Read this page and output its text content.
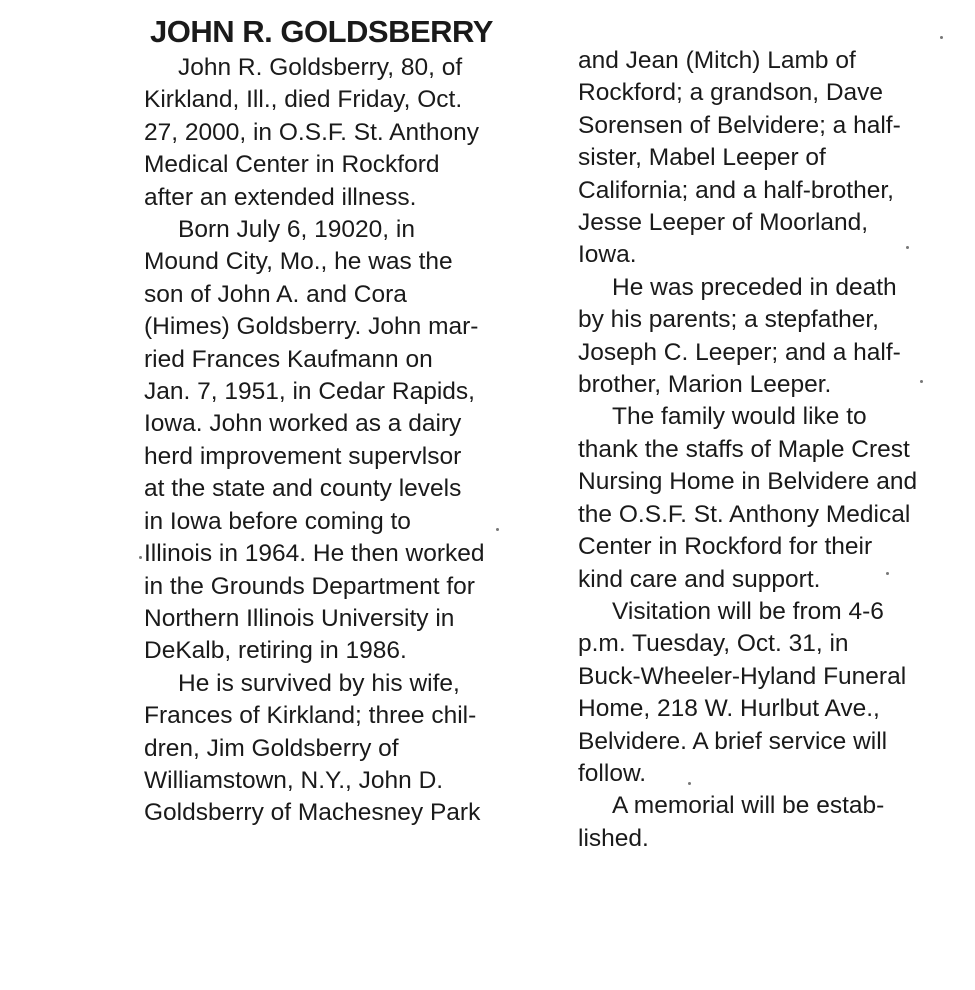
JOHN R. GOLDSBERRY
John R. Goldsberry, 80, of
Kirkland, Ill., died Friday, Oct.
27, 2000, in O.S.F. St. Anthony
Medical Center in Rockford
after an extended illness.
Born July 6, 19020, in
Mound City, Mo., he was the
son of John A. and Cora
(Himes) Goldsberry. John mar-
ried Frances Kaufmann on
Jan. 7, 1951, in Cedar Rapids,
Iowa. John worked as a dairy
herd improvement supervlsor
at the state and county levels
in Iowa before coming to
Illinois in 1964. He then worked
in the Grounds Department for
Northern Illinois University in
DeKalb, retiring in 1986.
He is survived by his wife,
Frances of Kirkland; three chil-
dren, Jim Goldsberry of
Williamstown, N.Y., John D.
Goldsberry of Machesney Park
and Jean (Mitch) Lamb of
Rockford; a grandson, Dave
Sorensen of Belvidere; a half-
sister, Mabel Leeper of
California; and a half-brother,
Jesse Leeper of Moorland,
Iowa.
He was preceded in death
by his parents; a stepfather,
Joseph C. Leeper; and a half-
brother, Marion Leeper.
The family would like to
thank the staffs of Maple Crest
Nursing Home in Belvidere and
the O.S.F. St. Anthony Medical
Center in Rockford for their
kind care and support.
Visitation will be from 4-6
p.m. Tuesday, Oct. 31, in
Buck-Wheeler-Hyland Funeral
Home, 218 W. Hurlbut Ave.,
Belvidere. A brief service will
follow.
A memorial will be estab-
lished.
